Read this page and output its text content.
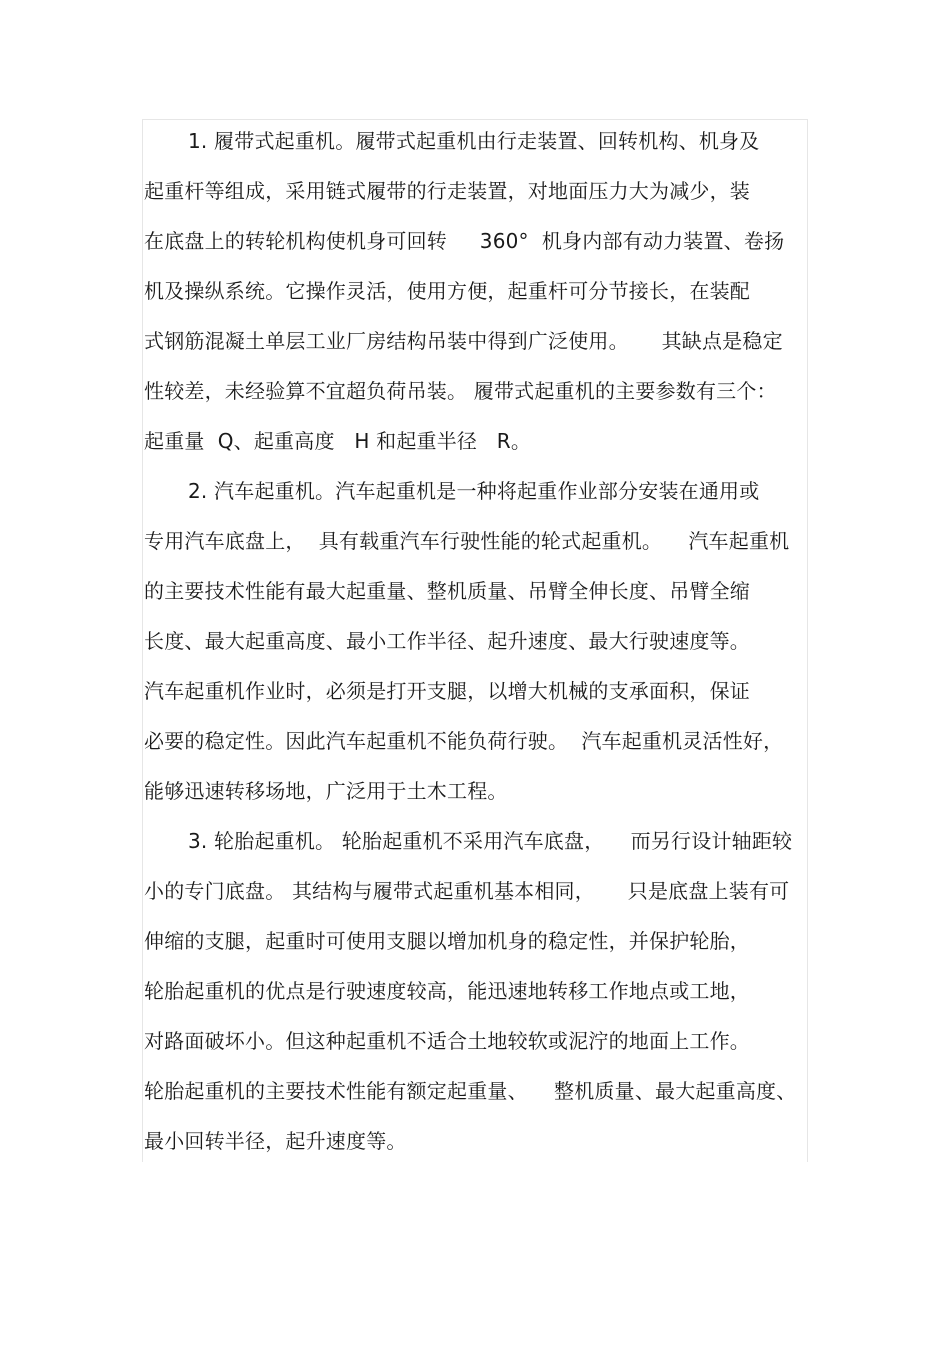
1. 履带式起重机。履带式起重机由行走装置、回转机构、机身及
起重杆等组成，采用链式履带的行走装置，对地面压力大为减少，装
在底盘上的转轮机构使机身可回转     360°  机身内部有动力装置、卷扬
机及操纵系统。它操作灵活，使用方便，起重杆可分节接长，在装配
式钢筋混凝土单层工业厂房结构吊装中得到广泛使用。     其缺点是稳定
性较差，未经验算不宜超负荷吊装。 履带式起重机的主要参数有三个：
起重量  Q、起重高度   H 和起重半径   R。
2. 汽车起重机。汽车起重机是一种将起重作业部分安装在通用或
专用汽车底盘上，  具有载重汽车行驶性能的轮式起重机。    汽车起重机
的主要技术性能有最大起重量、整机质量、吊臂全伸长度、吊臂全缩
长度、最大起重高度、最小工作半径、起升速度、最大行驶速度等。
汽车起重机作业时，必须是打开支腿，以增大机械的支承面积，保证
必要的稳定性。因此汽车起重机不能负荷行驶。  汽车起重机灵活性好，
能够迅速转移场地，广泛用于土木工程。
3. 轮胎起重机。 轮胎起重机不采用汽车底盘，    而另行设计轴距较
小的专门底盘。 其结构与履带式起重机基本相同，     只是底盘上装有可
伸缩的支腿，起重时可使用支腿以增加机身的稳定性，并保护轮胎，
轮胎起重机的优点是行驶速度较高，能迅速地转移工作地点或工地，
对路面破坏小。但这种起重机不适合土地较软或泥泞的地面上工作。
轮胎起重机的主要技术性能有额定起重量、    整机质量、最大起重高度、
最小回转半径，起升速度等。
